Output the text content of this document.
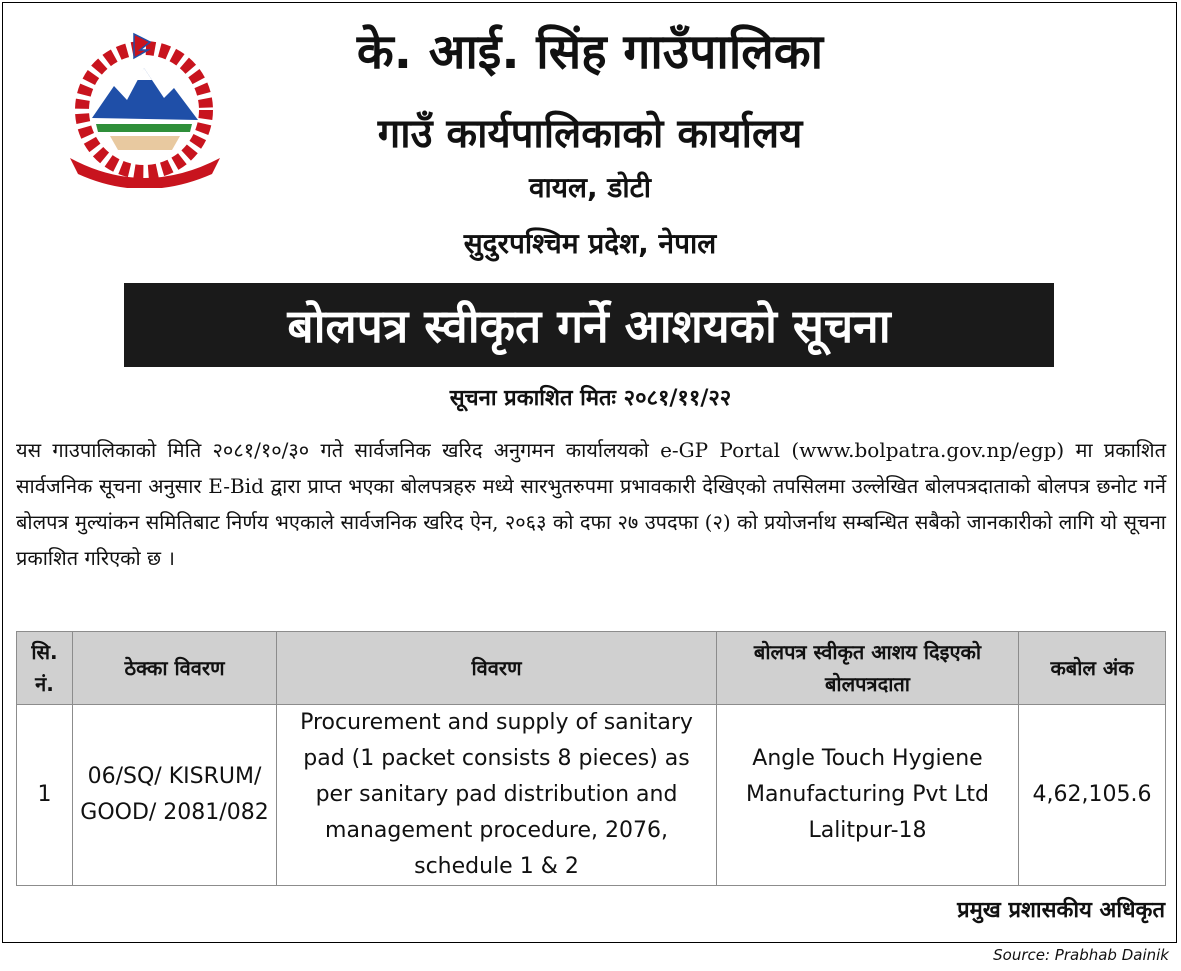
के. आई. सिंह गाउँपालिका
गाउँ कार्यपालिकाको कार्यालय
वायल, डोटी
सुदुरपश्चिम प्रदेश, नेपाल
बोलपत्र स्वीकृत गर्ने आशयको सूचना
सूचना प्रकाशित मितः २०८१/११/२२

यस गाउपालिकाको मिति २०८१/१०/३० गते सार्वजनिक खरिद अनुगमन कार्यालयको e-GP Portal (www.bolpatra.gov.np/egp) मा प्रकाशित सार्वजनिक सूचना अनुसार E-Bid द्वारा प्राप्त भएका बोलपत्रहरु मध्ये सारभुतरुपमा प्रभावकारी देखिएको तपसिलमा उल्लेखित बोलपत्रदाताको बोलपत्र छनोट गर्ने बोलपत्र मुल्यांकन समितिबाट निर्णय भएकाले सार्वजनिक खरिद ऐन, २०६३ को दफा २७ उपदफा (२) को प्रयोजर्नाथ सम्बन्धित सबैको जानकारीको लागि यो सूचना प्रकाशित गरिएको छ ।

सि. नं.	ठेक्का विवरण	विवरण	बोलपत्र स्वीकृत आशय दिइएको बोलपत्रदाता	कबोल अंक
1	06/SQ/ KISRUM/ GOOD/ 2081/082	Procurement and supply of sanitary pad (1 packet consists 8 pieces) as per sanitary pad distribution and management procedure, 2076, schedule 1 & 2	Angle Touch Hygiene Manufacturing Pvt Ltd Lalitpur-18	4,62,105.6
प्रमुख प्रशासकीय अधिकृत
Source: Prabhab Dainik
